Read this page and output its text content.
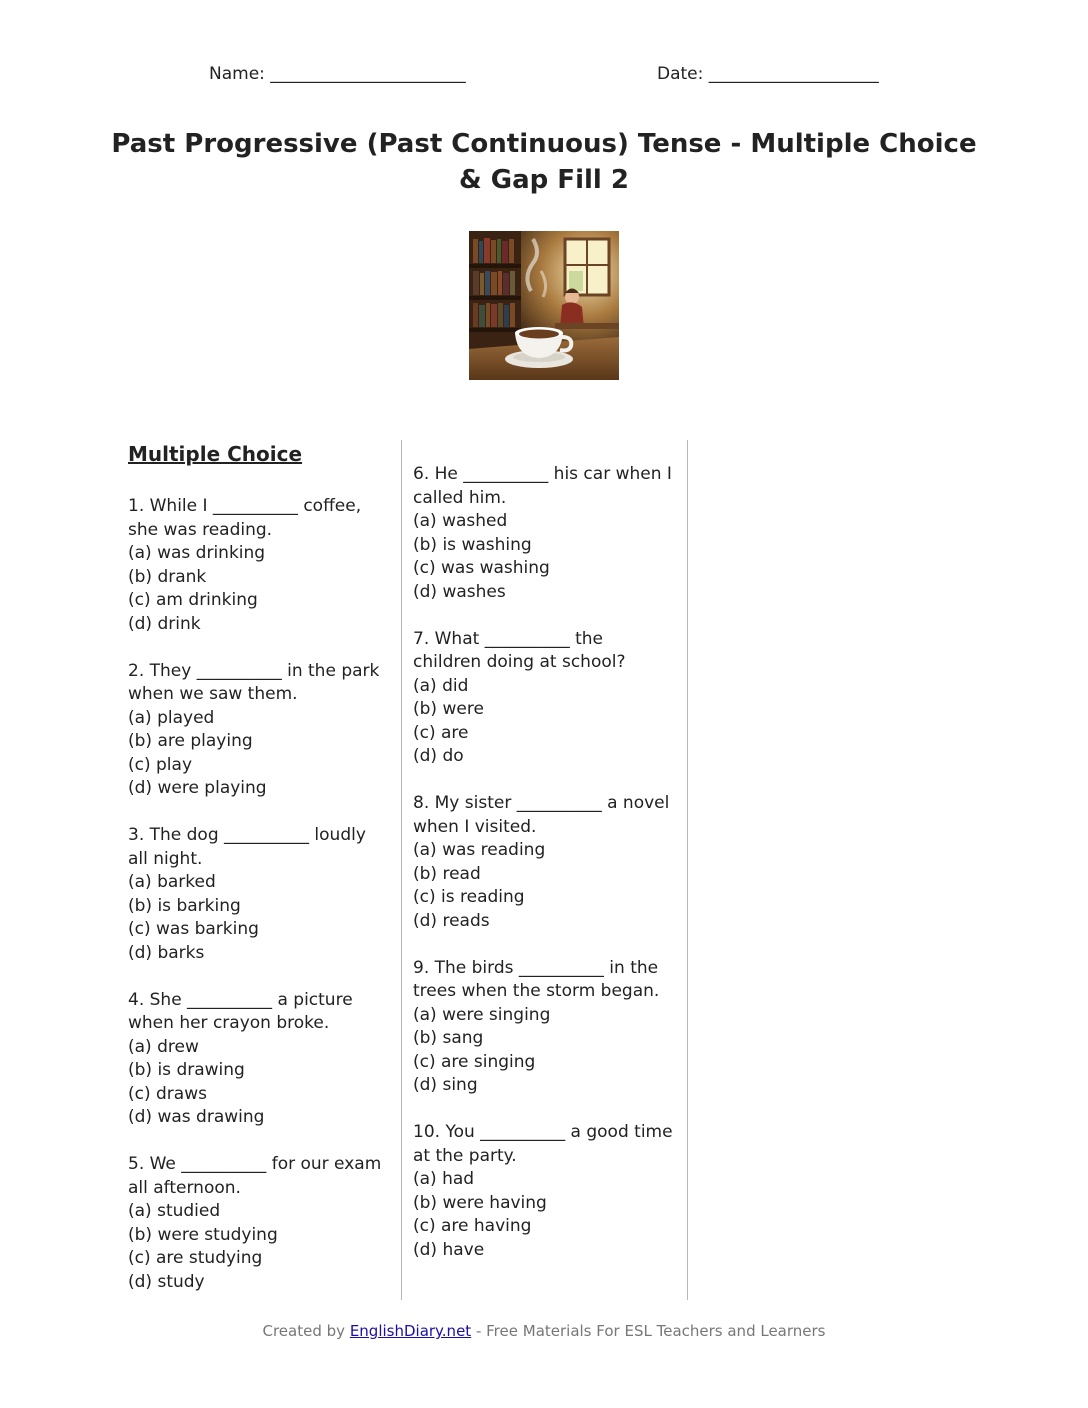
Name: _______________________	Date: ____________________
Past Progressive (Past Continuous) Tense - Multiple Choice & Gap Fill 2
Multiple Choice

1. While I __________ coffee, she was reading.

(a) was drinking

(b) drank

(c) am drinking

(d) drink

2. They __________ in the park when we saw them.

(a) played

(b) are playing

(c) play

(d) were playing

3. The dog __________ loudly all night.

(a) barked

(b) is barking

(c) was barking

(d) barks

4. She __________ a picture when her crayon broke.

(a) drew

(b) is drawing

(c) draws

(d) was drawing

5. We __________ for our exam all afternoon.

(a) studied

(b) were studying

(c) are studying

(d) study

6. He __________ his car when I called him.

(a) washed

(b) is washing

(c) was washing

(d) washes

7. What __________ the children doing at school?

(a) did

(b) were

(c) are

(d) do

8. My sister __________ a novel when I visited.

(a) was reading

(b) read

(c) is reading

(d) reads

9. The birds __________ in the trees when the storm began.

(a) were singing

(b) sang

(c) are singing

(d) sing

10. You __________ a good time at the party.

(a) had

(b) were having

(c) are having

(d) have

Created by EnglishDiary.net - Free Materials For ESL Teachers and Learners
